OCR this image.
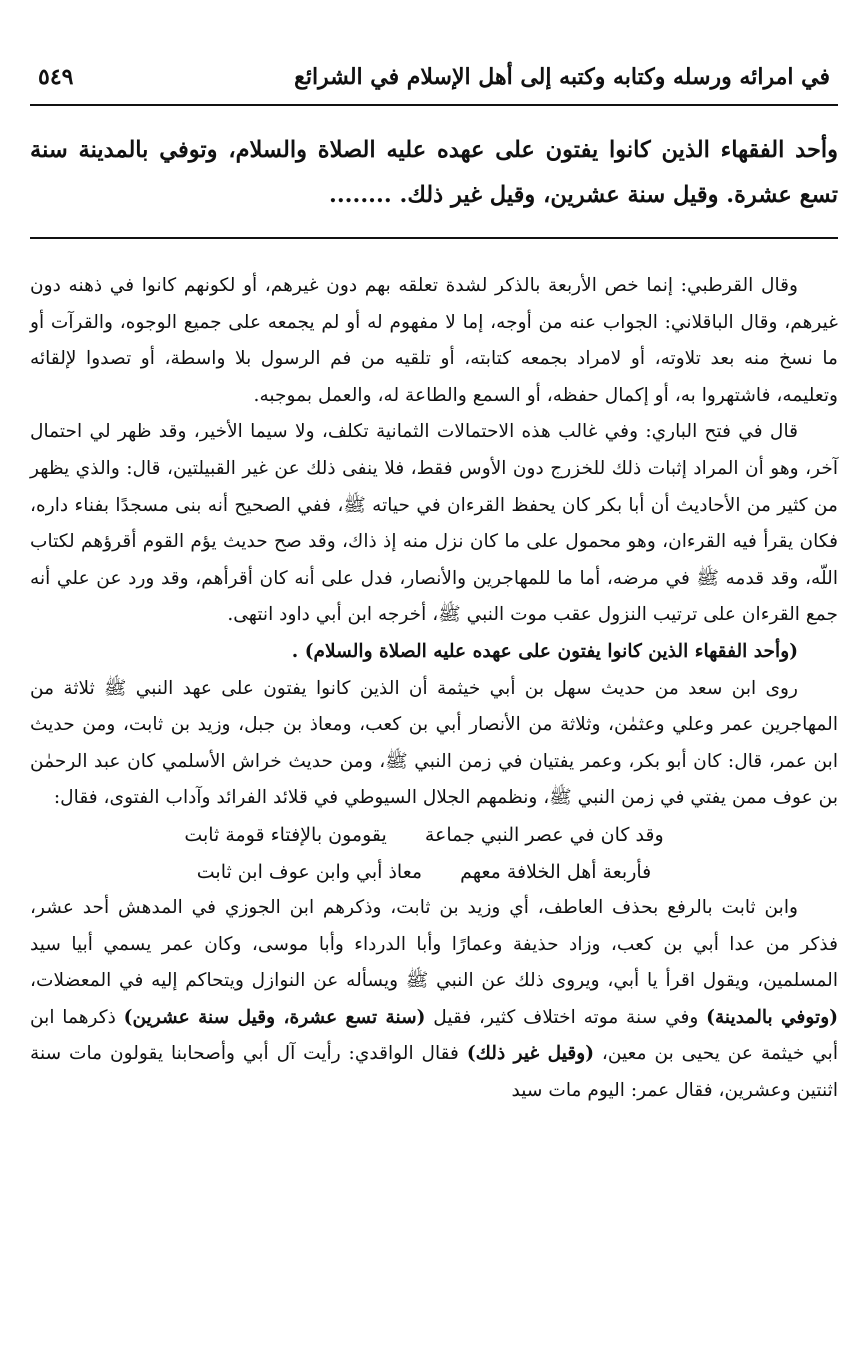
في امرائه ورسله وكتابه وكتبه إلى أهل الإسلام في الشرائع
٥٤٩
وأحد الفقهاء الذين كانوا يفتون على عهده عليه الصلاة والسلام، وتوفي بالمدينة سنة تسع عشرة. وقيل سنة عشرين، وقيل غير ذلك. ........

وقال القرطبي: إنما خص الأربعة بالذكر لشدة تعلقه بهم دون غيرهم، أو لكونهم كانوا في ذهنه دون غيرهم، وقال الباقلاني: الجواب عنه من أوجه، إما لا مفهوم له أو لم يجمعه على جميع الوجوه، والقرآت أو ما نسخ منه بعد تلاوته، أو لامراد بجمعه كتابته، أو تلقيه من فم الرسول بلا واسطة، أو تصدوا لإلقائه وتعليمه، فاشتهروا به، أو إكمال حفظه، أو السمع والطاعة له، والعمل بموجبه.

قال في فتح الباري: وفي غالب هذه الاحتمالات الثمانية تكلف، ولا سيما الأخير، وقد ظهر لي احتمال آخر، وهو أن المراد إثبات ذلك للخزرج دون الأوس فقط، فلا ينفى ذلك عن غير القبيلتين، قال: والذي يظهر من كثير من الأحاديث أن أبا بكر كان يحفظ القرءان في حياته ﷺ، ففي الصحيح أنه بنى مسجدًا بفناء داره، فكان يقرأ فيه القرءان، وهو محمول على ما كان نزل منه إذ ذاك، وقد صح حديث يؤم القوم أقرؤهم لكتاب اللّه، وقد قدمه ﷺ في مرضه، أما ما للمهاجرين والأنصار، فدل على أنه كان أقرأهم، وقد ورد عن علي أنه جمع القرءان على ترتيب النزول عقب موت النبي ﷺ، أخرجه ابن أبي داود انتهى.

(وأحد الفقهاء الذين كانوا يفتون على عهده عليه الصلاة والسلام) .

روى ابن سعد من حديث سهل بن أبي خيثمة أن الذين كانوا يفتون على عهد النبي ﷺ ثلاثة من المهاجرين عمر وعلي وعثمٰن، وثلاثة من الأنصار أبي بن كعب، ومعاذ بن جبل، وزيد بن ثابت، ومن حديث ابن عمر، قال: كان أبو بكر، وعمر يفتيان في زمن النبي ﷺ، ومن حديث خراش الأسلمي كان عبد الرحمٰن بن عوف ممن يفتي في زمن النبي ﷺ، ونظمهم الجلال السيوطي في قلائد الفرائد وآداب الفتوى، فقال:

وقد كان في عصر النبي جماعة
يقومون بالإفتاء قومة ثابت
فأربعة أهل الخلافة معهم
معاذ أبي وابن عوف ابن ثابت

وابن ثابت بالرفع بحذف العاطف، أي وزيد بن ثابت، وذكرهم ابن الجوزي في المدهش أحد عشر، فذكر من عدا أبي بن كعب، وزاد حذيفة وعمارًا وأبا الدرداء وأبا موسى، وكان عمر يسمي أبيا سيد المسلمين، ويقول اقرأ يا أبي، ويروى ذلك عن النبي ﷺ ويسأله عن النوازل ويتحاكم إليه في المعضلات، (وتوفي بالمدينة) وفي سنة موته اختلاف كثير، فقيل (سنة تسع عشرة، وقيل سنة عشرين) ذكرهما ابن أبي خيثمة عن يحيى بن معين، (وقيل غير ذلك) فقال الواقدي: رأيت آل أبي وأصحابنا يقولون مات سنة اثنتين وعشرين، فقال عمر: اليوم مات سيد
